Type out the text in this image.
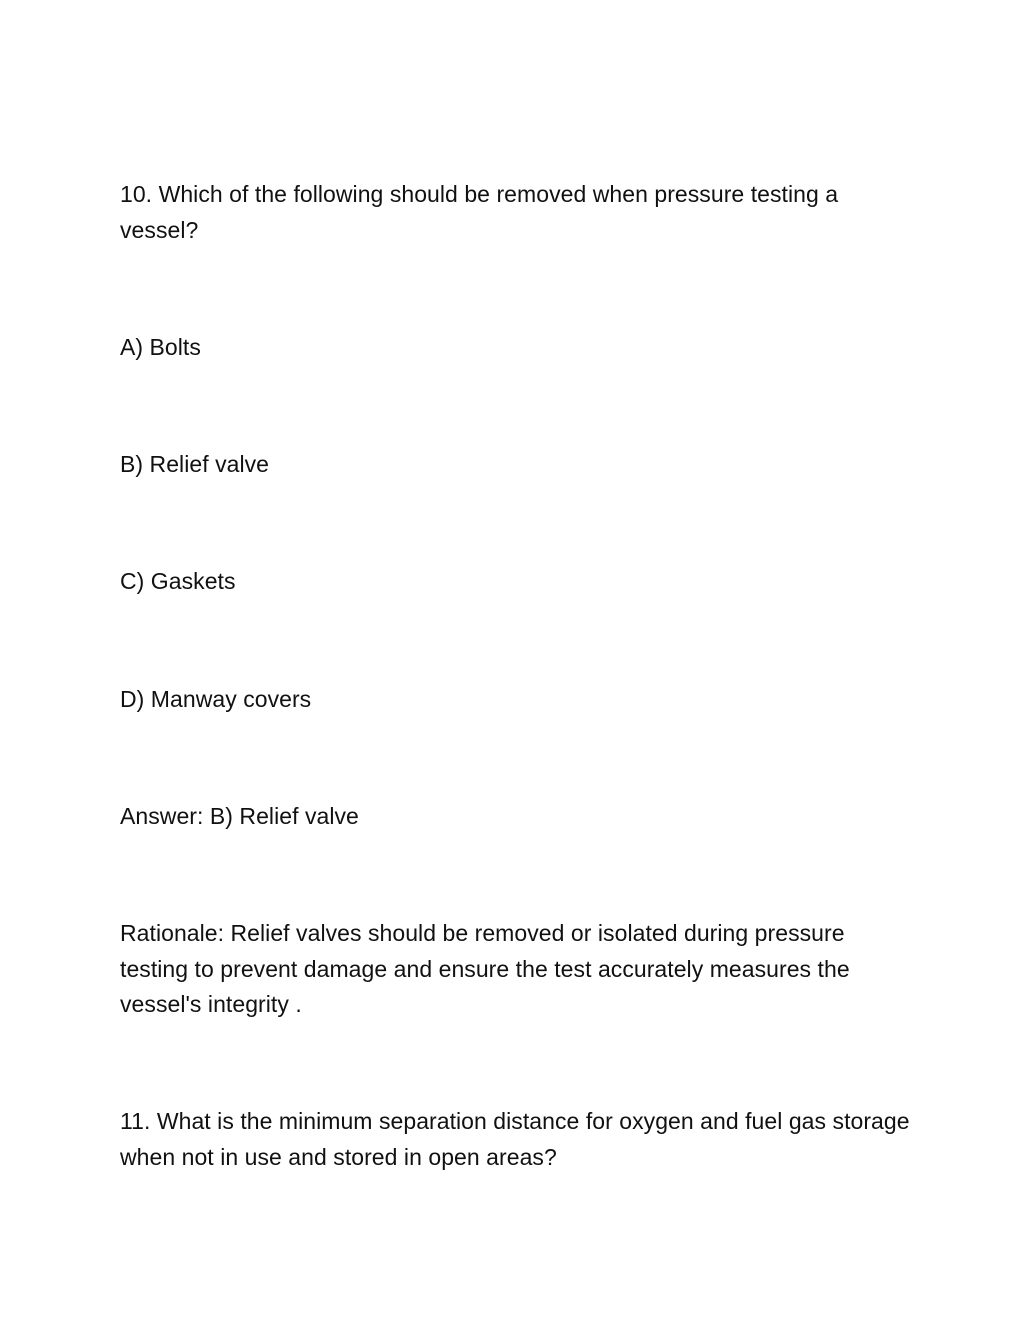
10. Which of the following should be removed when pressure testing a vessel?

A) Bolts

B) Relief valve

C) Gaskets

D) Manway covers

Answer: B) Relief valve

Rationale: Relief valves should be removed or isolated during pressure testing to prevent damage and ensure the test accurately measures the vessel's integrity .

11. What is the minimum separation distance for oxygen and fuel gas storage when not in use and stored in open areas?
